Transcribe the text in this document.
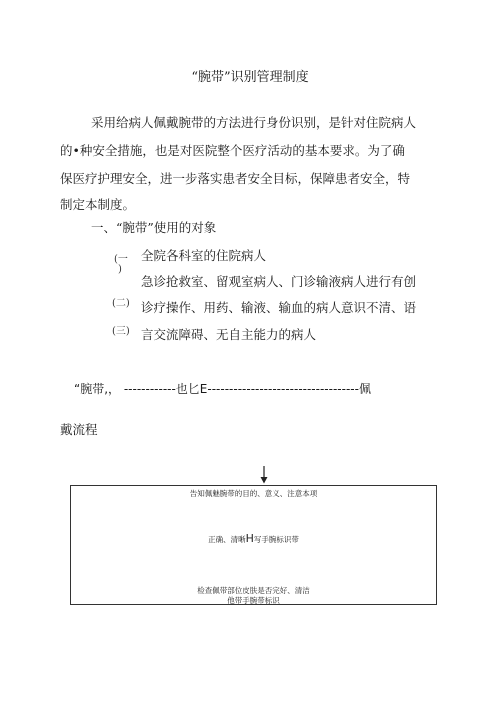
“腕带”识别管理制度
采用给病人佩戴腕带的方法进行身份识别，是针对住院病人
的•种安全措施，也是对医院整个医疗活动的基本要求。为了确
保医疗护理安全，进一步落实患者安全目标，保障患者安全，特
制定本制度。
一、“腕带”使用的对象
(一
)
(二)
(三)
全院各科室的住院病人
急诊抢救室、留观室病人、门诊输液病人进行有创
诊疗操作、用药、输液、输血的病人意识不清、语
言交流障碍、无自主能力的病人
“腕带,， ------------也匕E-----------------------------------佩
戴流程
告知佩魅腕带的目的、意义、注意本项
正确、清晰H写手腕标识带
检查佩带部位皮肤是否完好、清洁
他带手腕带标识
